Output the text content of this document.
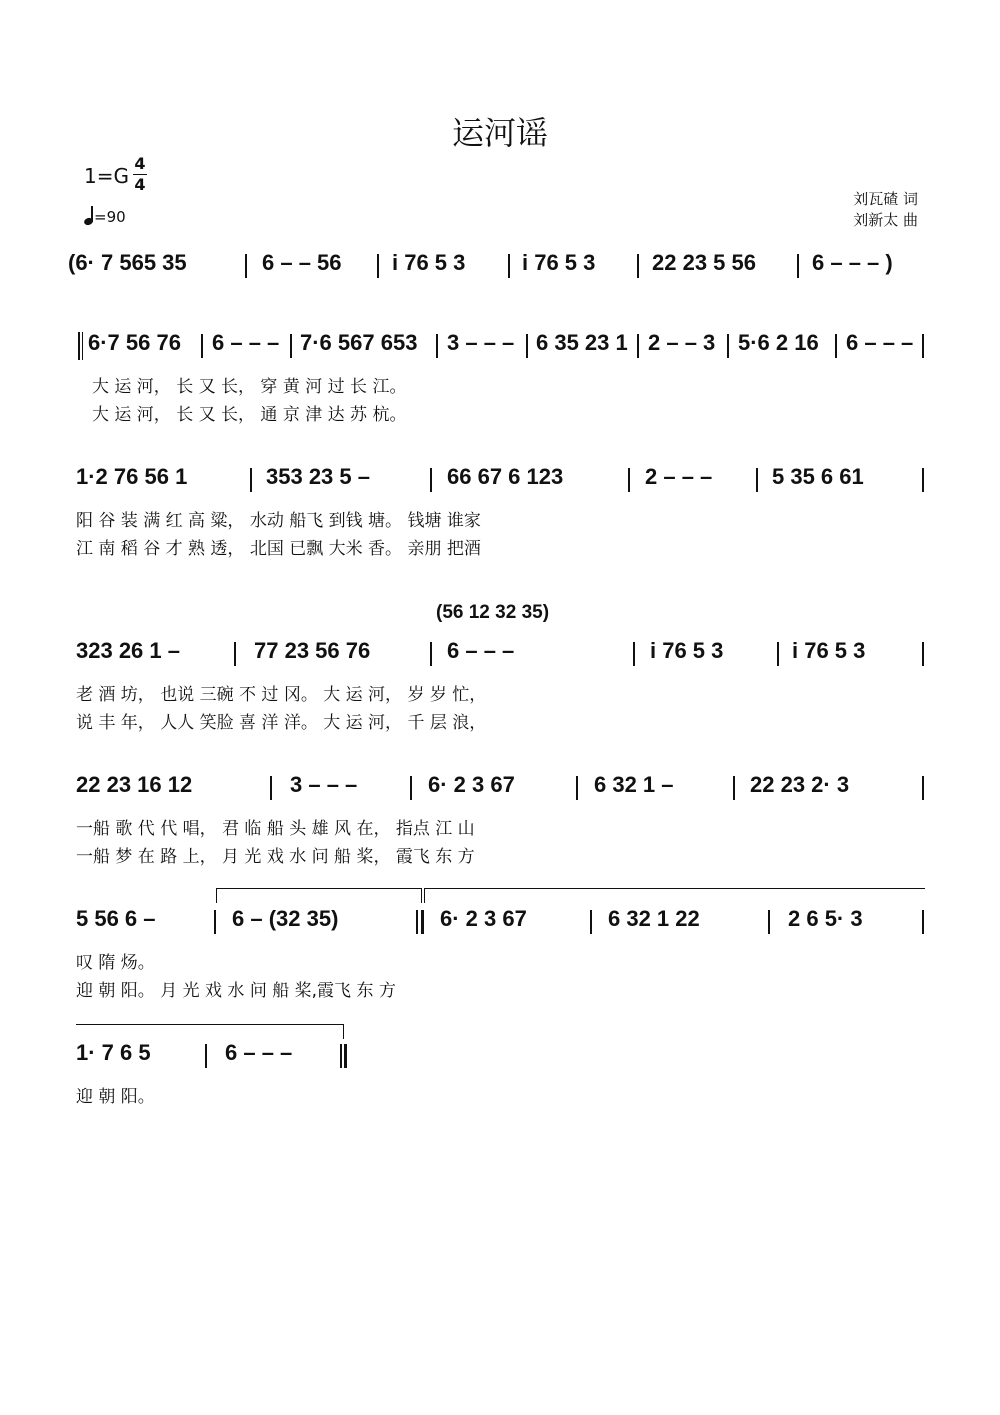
运河谣
1=G
4
4
=90
刘瓦碴 词
刘新太 曲
(6· 7 565 35	6 – – 56 i 76 5 3	i 76 5 3	22 23 5 56	6 – – – )
6·7 56 76 6 – – – 7·6 567 653 3 – – – 6 35 23 1 2 – – 3 5·6 2 16 6 – – –
大 运 河， 长 又 长， 穿 黄 河 过 长 江。
大 运 河， 长 又 长， 通 京 津 达 苏 杭。
1·2 76 56 1	353 23 5 –	66 67 6 123	2 – – –	5 35 6 61
阳 谷 装 满 红 高 粱， 水动 船飞 到钱 塘。 钱塘 谁家
江 南 稻 谷 才 熟 透， 北国 已飘 大米 香。 亲朋 把酒
(56 12 32 35)
323 26 1 –	77 23 56 76	6 – – –	i 76 5 3	i 76 5 3
老 酒 坊， 也说 三碗 不 过 冈。 大 运 河， 岁 岁 忙，
说 丰 年， 人人 笑脸 喜 洋 洋。 大 运 河， 千 层 浪，
22 23 16 12	3 – – –	6· 2 3 67	6 32 1 –	22 23 2· 3
一船 歌 代 代 唱， 君 临 船 头 雄 风 在， 指点 江 山
一船 梦 在 路 上， 月 光 戏 水 问 船 桨， 霞飞 东 方
5 56 6 –	6 – (32 35)	6· 2 3 67	6 32 1 22	2 6 5· 3
叹 隋 炀。
迎 朝 阳。 月 光 戏 水 问 船 桨,霞飞 东 方
1· 7 6 5	6 – – –
迎 朝 阳。
